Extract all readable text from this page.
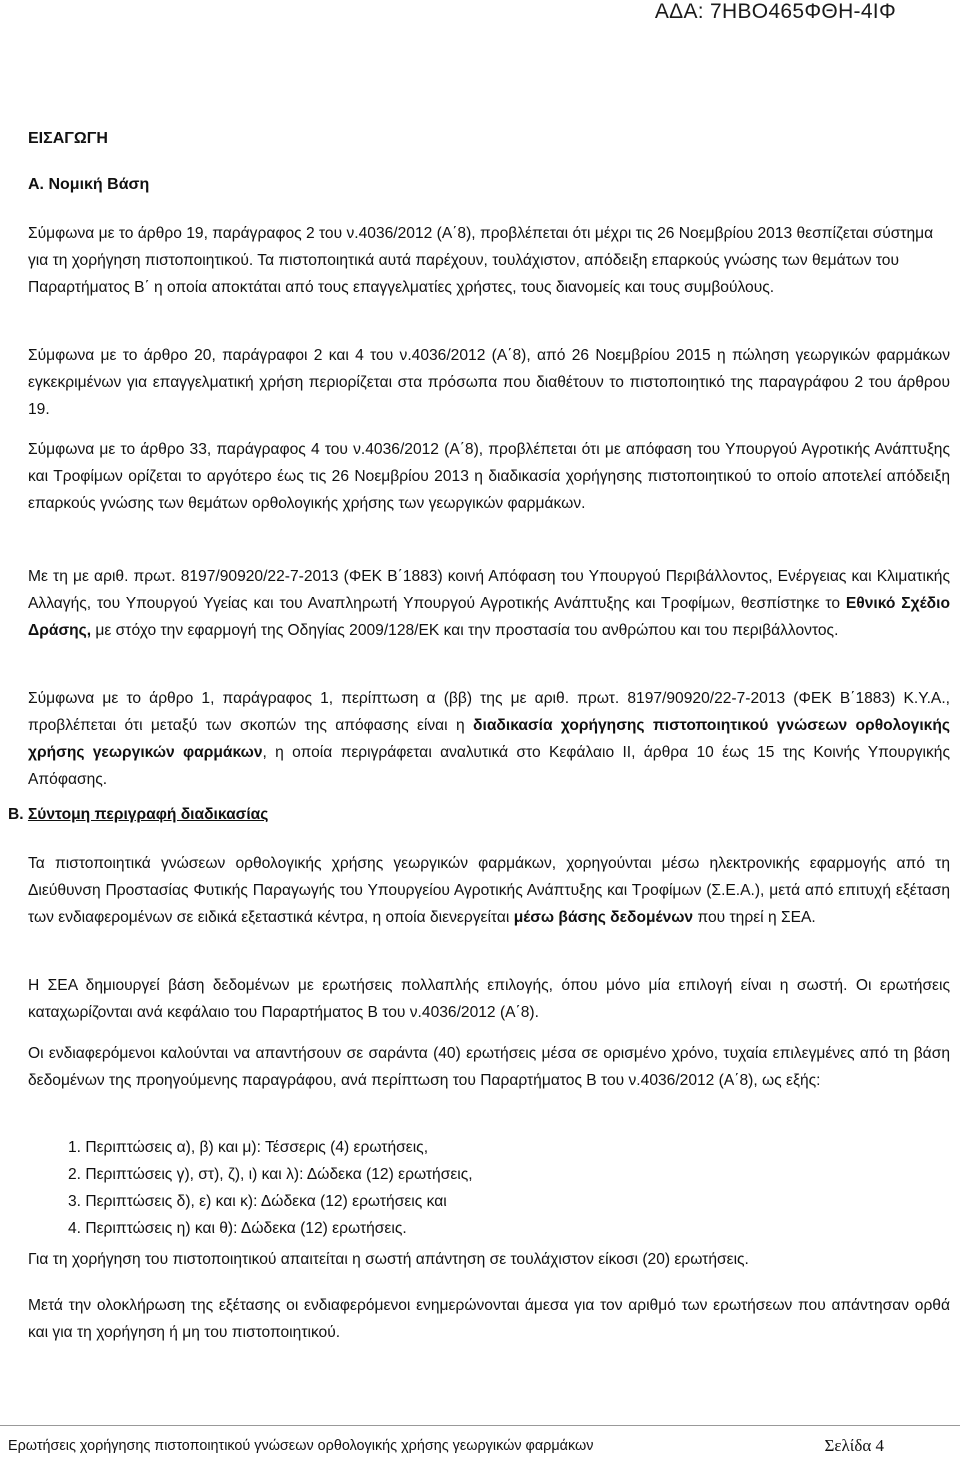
ΑΔΑ: 7ΗΒΟ465ΦΘΗ-4ΙΦ
ΕΙΣΑΓΩΓΗ
Α. Νομική Βάση
Σύμφωνα με το άρθρο 19, παράγραφος 2 του ν.4036/2012 (Α΄8), προβλέπεται ότι μέχρι τις 26 Νοεμβρίου 2013 θεσπίζεται σύστημα για τη χορήγηση πιστοποιητικού. Τα πιστοποιητικά αυτά παρέχουν, τουλάχιστον, απόδειξη επαρκούς γνώσης των θεμάτων του Παραρτήματος Β΄ η οποία αποκτάται από τους επαγγελματίες χρήστες, τους διανομείς και τους συμβούλους.
Σύμφωνα με το άρθρο 20, παράγραφοι 2 και 4 του ν.4036/2012 (Α΄8), από 26 Νοεμβρίου 2015 η πώληση γεωργικών φαρμάκων εγκεκριμένων για επαγγελματική χρήση περιορίζεται στα πρόσωπα που διαθέτουν το πιστοποιητικό της παραγράφου 2 του άρθρου 19.
Σύμφωνα με το άρθρο 33, παράγραφος 4 του ν.4036/2012 (Α΄8), προβλέπεται ότι με απόφαση του Υπουργού Αγροτικής Ανάπτυξης και Τροφίμων ορίζεται το αργότερο έως τις 26 Νοεμβρίου 2013 η διαδικασία χορήγησης πιστοποιητικού το οποίο αποτελεί απόδειξη επαρκούς γνώσης των θεμάτων ορθολογικής χρήσης των γεωργικών φαρμάκων.
Με τη με αριθ. πρωτ. 8197/90920/22-7-2013 (ΦΕΚ Β΄1883) κοινή Απόφαση του Υπουργού Περιβάλλοντος, Ενέργειας και Κλιματικής Αλλαγής, του Υπουργού Υγείας και του Αναπληρωτή Υπουργού Αγροτικής Ανάπτυξης και Τροφίμων, θεσπίστηκε το Εθνικό Σχέδιο Δράσης, με στόχο την εφαρμογή της Οδηγίας 2009/128/ΕΚ και την προστασία του ανθρώπου και του περιβάλλοντος.
Σύμφωνα με το άρθρο 1, παράγραφος 1, περίπτωση α (ββ) της με αριθ. πρωτ. 8197/90920/22-7-2013 (ΦΕΚ Β΄1883) Κ.Υ.Α., προβλέπεται ότι μεταξύ των σκοπών της απόφασης είναι η διαδικασία χορήγησης πιστοποιητικού γνώσεων ορθολογικής χρήσης γεωργικών φαρμάκων, η οποία περιγράφεται αναλυτικά στο Κεφάλαιο ΙΙ, άρθρα 10 έως 15 της Κοινής Υπουργικής Απόφασης.
Β. Σύντομη περιγραφή διαδικασίας
Τα πιστοποιητικά γνώσεων ορθολογικής χρήσης γεωργικών φαρμάκων, χορηγούνται μέσω ηλεκτρονικής εφαρμογής από τη Διεύθυνση Προστασίας Φυτικής Παραγωγής του Υπουργείου Αγροτικής Ανάπτυξης και Τροφίμων (Σ.Ε.Α.), μετά από επιτυχή εξέταση των ενδιαφερομένων σε ειδικά εξεταστικά κέντρα, η οποία διενεργείται μέσω βάσης δεδομένων που τηρεί η ΣΕΑ.
Η ΣΕΑ δημιουργεί βάση δεδομένων με ερωτήσεις πολλαπλής επιλογής, όπου μόνο μία επιλογή είναι η σωστή. Οι ερωτήσεις καταχωρίζονται ανά κεφάλαιο του Παραρτήματος Β του ν.4036/2012 (Α΄8).
Οι ενδιαφερόμενοι καλούνται να απαντήσουν σε σαράντα (40) ερωτήσεις μέσα σε ορισμένο χρόνο, τυχαία επιλεγμένες από τη βάση δεδομένων της προηγούμενης παραγράφου, ανά περίπτωση του Παραρτήματος Β του ν.4036/2012 (Α΄8), ως εξής:
1. Περιπτώσεις α), β) και μ): Τέσσερις (4) ερωτήσεις,
2. Περιπτώσεις γ), στ), ζ), ι) και λ): Δώδεκα (12) ερωτήσεις,
3. Περιπτώσεις δ), ε) και κ): Δώδεκα (12) ερωτήσεις και
4. Περιπτώσεις η) και θ): Δώδεκα (12) ερωτήσεις.
Για τη χορήγηση του πιστοποιητικού απαιτείται η σωστή απάντηση σε τουλάχιστον είκοσι (20) ερωτήσεις.
Μετά την ολοκλήρωση της εξέτασης οι ενδιαφερόμενοι ενημερώνονται άμεσα για τον αριθμό των ερωτήσεων που απάντησαν ορθά και για τη χορήγηση ή μη του πιστοποιητικού.
Ερωτήσεις χορήγησης πιστοποιητικού γνώσεων ορθολογικής χρήσης γεωργικών φαρμάκων	Σελίδα 4
